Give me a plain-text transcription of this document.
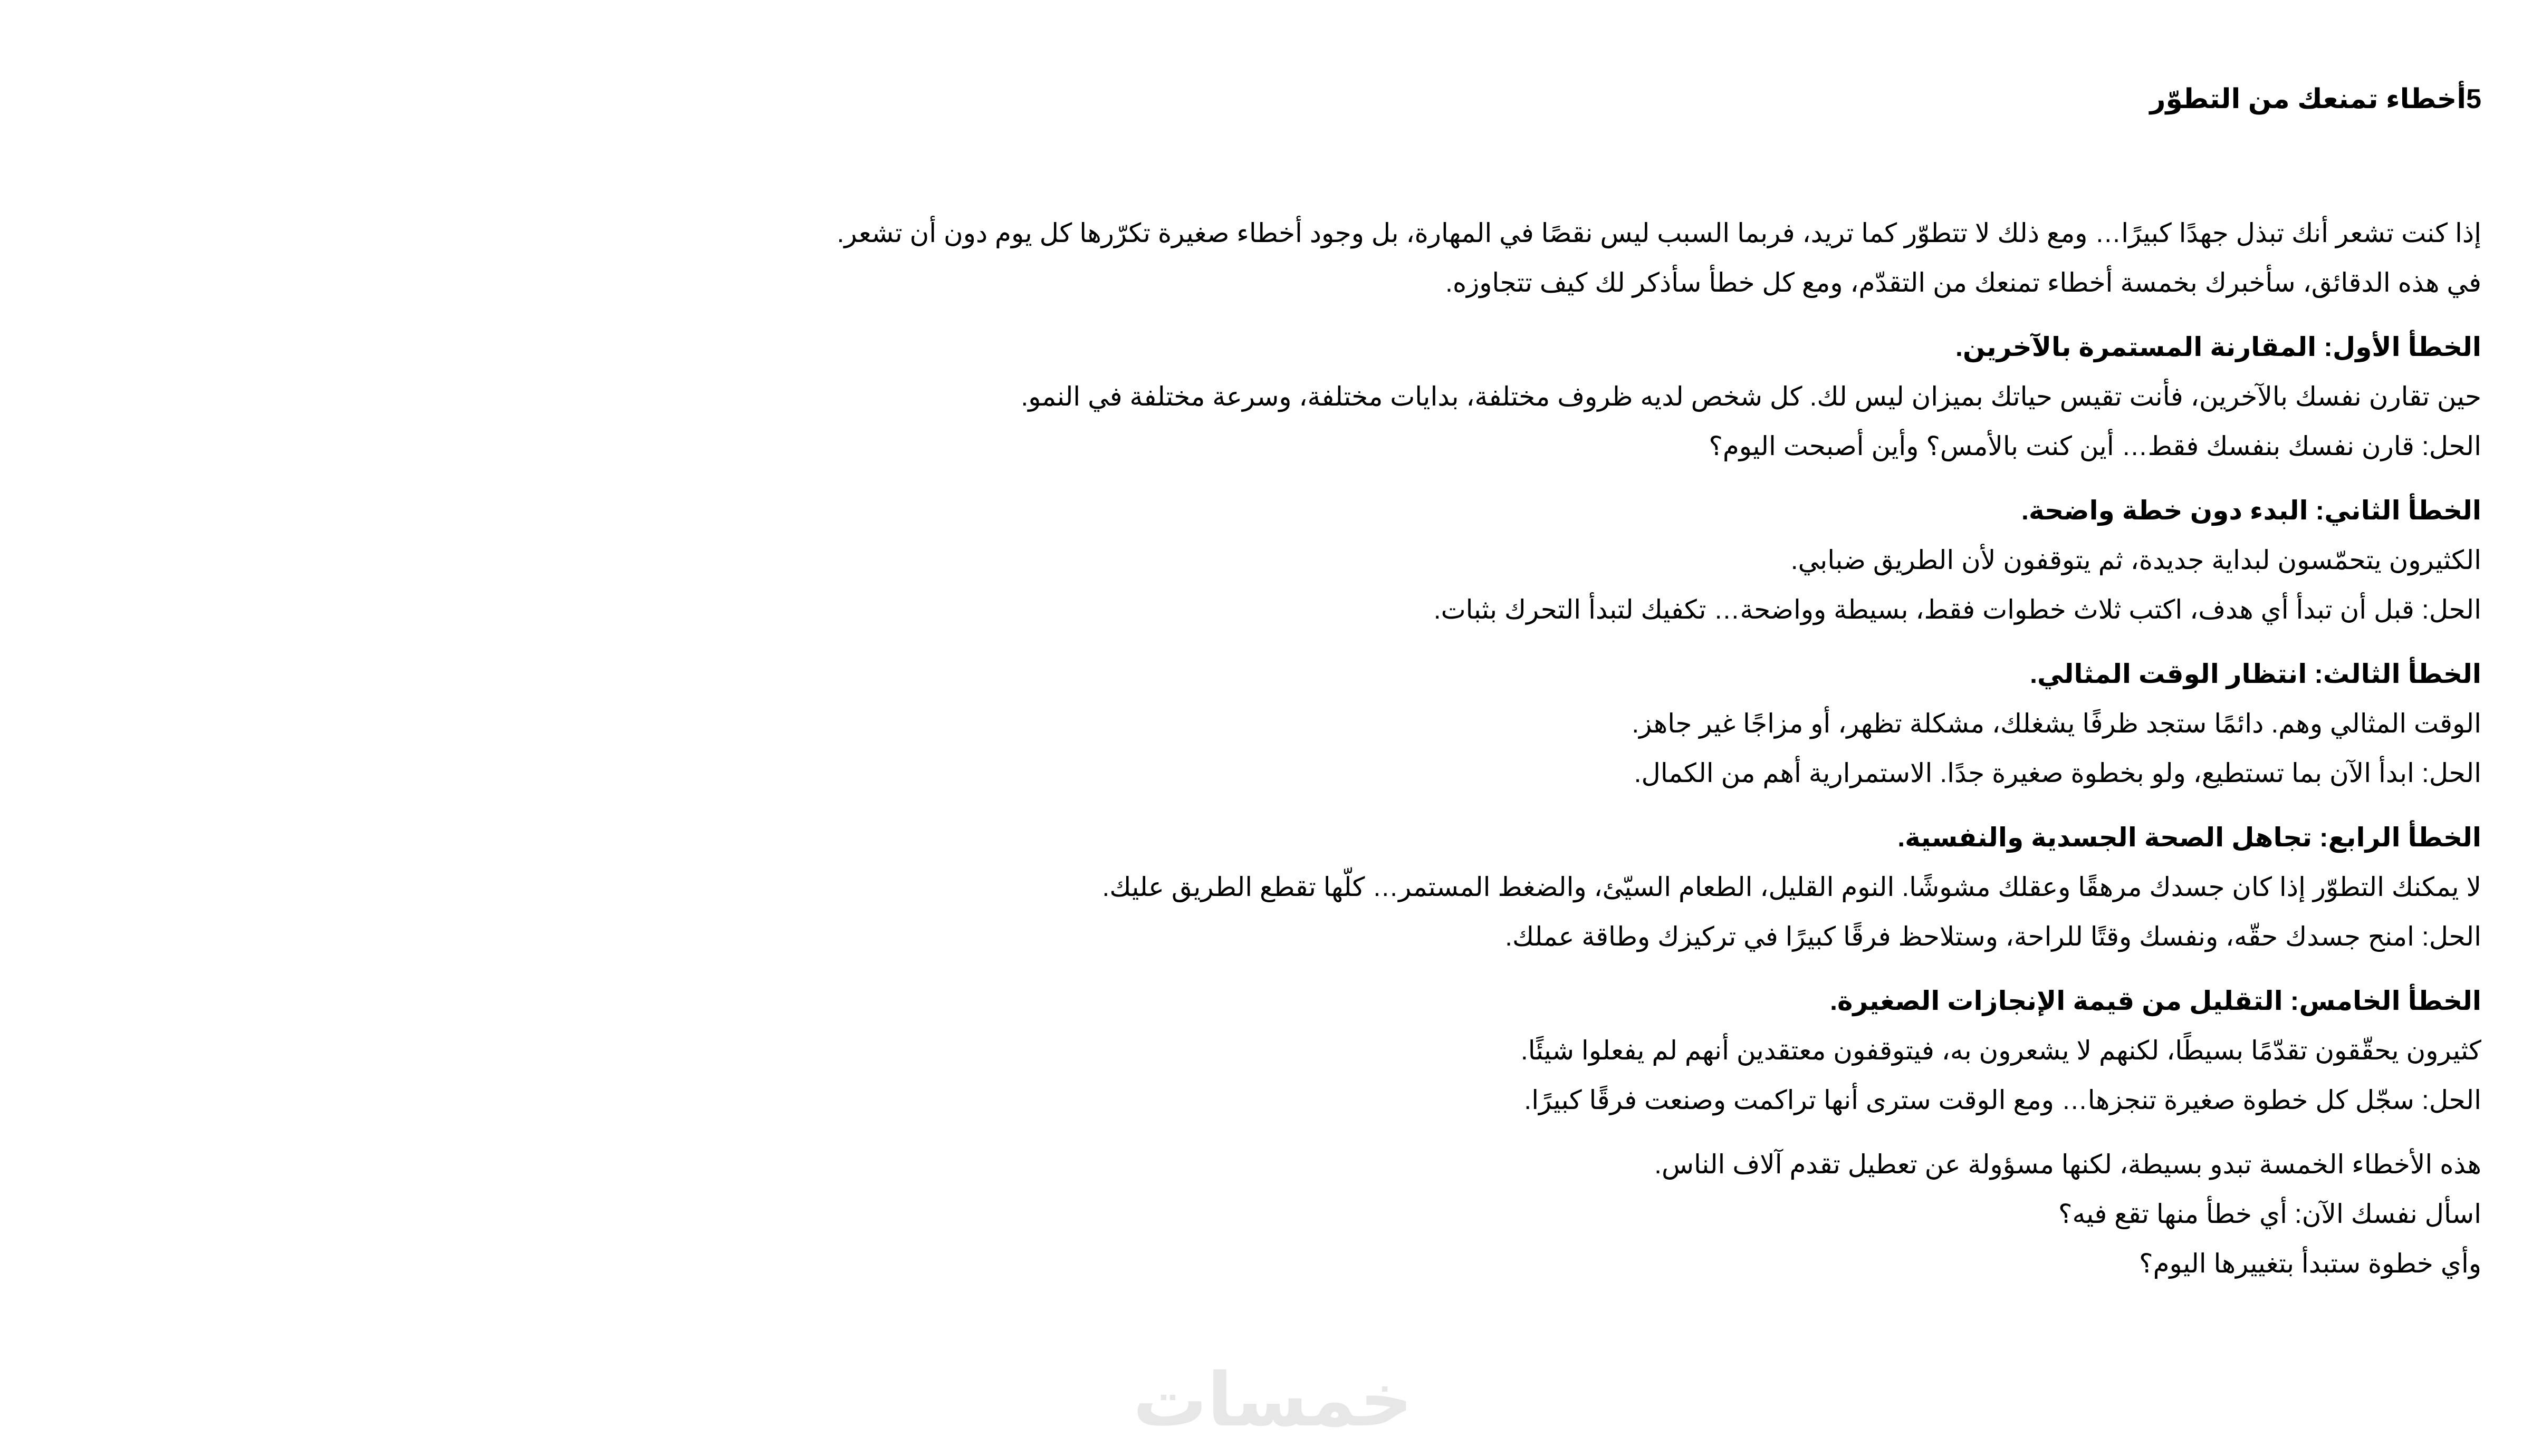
5أخطاء تمنعك من التطوّر
إذا كنت تشعر أنك تبذل جهدًا كبيرًا… ومع ذلك لا تتطوّر كما تريد، فربما السبب ليس نقصًا في المهارة، بل وجود أخطاء صغيرة تكرّرها كل يوم دون أن تشعر.
في هذه الدقائق، سأخبرك بخمسة أخطاء تمنعك من التقدّم، ومع كل خطأ سأذكر لك كيف تتجاوزه.
الخطأ الأول: المقارنة المستمرة بالآخرين.
حين تقارن نفسك بالآخرين، فأنت تقيس حياتك بميزان ليس لك. كل شخص لديه ظروف مختلفة، بدايات مختلفة، وسرعة مختلفة في النمو.
الحل: قارن نفسك بنفسك فقط… أين كنت بالأمس؟ وأين أصبحت اليوم؟
الخطأ الثاني: البدء دون خطة واضحة.
الكثيرون يتحمّسون لبداية جديدة، ثم يتوقفون لأن الطريق ضبابي.
الحل: قبل أن تبدأ أي هدف، اكتب ثلاث خطوات فقط، بسيطة وواضحة… تكفيك لتبدأ التحرك بثبات.
الخطأ الثالث: انتظار الوقت المثالي.
الوقت المثالي وهم. دائمًا ستجد ظرفًا يشغلك، مشكلة تظهر، أو مزاجًا غير جاهز.
الحل: ابدأ الآن بما تستطيع، ولو بخطوة صغيرة جدًا. الاستمرارية أهم من الكمال.
الخطأ الرابع: تجاهل الصحة الجسدية والنفسية.
لا يمكنك التطوّر إذا كان جسدك مرهقًا وعقلك مشوشًا. النوم القليل، الطعام السيّئ، والضغط المستمر… كلّها تقطع الطريق عليك.
الحل: امنح جسدك حقّه، ونفسك وقتًا للراحة، وستلاحظ فرقًا كبيرًا في تركيزك وطاقة عملك.
الخطأ الخامس: التقليل من قيمة الإنجازات الصغيرة.
كثيرون يحقّقون تقدّمًا بسيطًا، لكنهم لا يشعرون به، فيتوقفون معتقدين أنهم لم يفعلوا شيئًا.
الحل: سجّل كل خطوة صغيرة تنجزها… ومع الوقت سترى أنها تراكمت وصنعت فرقًا كبيرًا.
هذه الأخطاء الخمسة تبدو بسيطة، لكنها مسؤولة عن تعطيل تقدم آلاف الناس.
اسأل نفسك الآن: أي خطأ منها تقع فيه؟
وأي خطوة ستبدأ بتغييرها اليوم؟
خمسات
